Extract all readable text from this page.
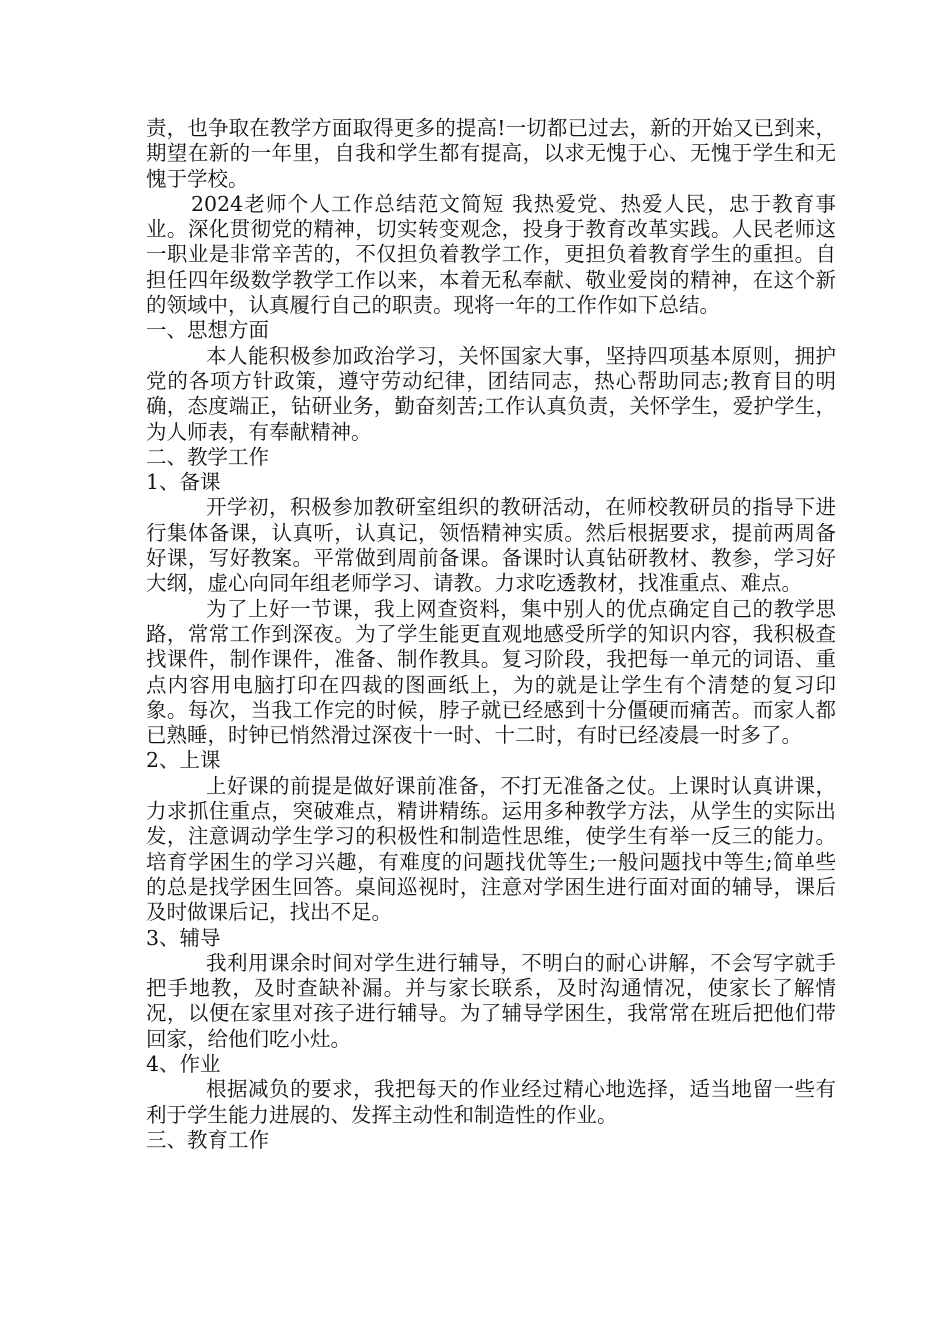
责，也争取在教学方面取得更多的提高!一切都已过去，新的开始又已到来，期望在新的一年里，自我和学生都有提高，以求无愧于心、无愧于学生和无愧于学校。

2024老师个人工作总结范文简短 我热爱党、热爱人民，忠于教育事业。深化贯彻党的精神，切实转变观念，投身于教育改革实践。人民老师这一职业是非常辛苦的，不仅担负着教学工作，更担负着教育学生的重担。自担任四年级数学教学工作以来，本着无私奉献、敬业爱岗的精神，在这个新的领域中，认真履行自己的职责。现将一年的工作作如下总结。

一、思想方面

本人能积极参加政治学习，关怀国家大事，坚持四项基本原则，拥护党的各项方针政策，遵守劳动纪律，团结同志，热心帮助同志;教育目的明确，态度端正，钻研业务，勤奋刻苦;工作认真负责，关怀学生，爱护学生，为人师表，有奉献精神。

二、教学工作

1、备课

开学初，积极参加教研室组织的教研活动，在师校教研员的指导下进行集体备课，认真听，认真记，领悟精神实质。然后根据要求，提前两周备好课，写好教案。平常做到周前备课。备课时认真钻研教材、教参，学习好大纲，虚心向同年组老师学习、请教。力求吃透教材，找准重点、难点。

为了上好一节课，我上网查资料，集中别人的优点确定自己的教学思路，常常工作到深夜。为了学生能更直观地感受所学的知识内容，我积极查找课件，制作课件，准备、制作教具。复习阶段，我把每一单元的词语、重点内容用电脑打印在四裁的图画纸上，为的就是让学生有个清楚的复习印象。每次，当我工作完的时候，脖子就已经感到十分僵硬而痛苦。而家人都已熟睡，时钟已悄然滑过深夜十一时、十二时，有时已经凌晨一时多了。

2、上课

上好课的前提是做好课前准备，不打无准备之仗。上课时认真讲课，力求抓住重点，突破难点，精讲精练。运用多种教学方法，从学生的实际出发，注意调动学生学习的积极性和制造性思维，使学生有举一反三的能力。培育学困生的学习兴趣，有难度的问题找优等生;一般问题找中等生;简单些的总是找学困生回答。桌间巡视时，注意对学困生进行面对面的辅导，课后及时做课后记，找出不足。

3、辅导

我利用课余时间对学生进行辅导，不明白的耐心讲解，不会写字就手把手地教，及时查缺补漏。并与家长联系，及时沟通情况，使家长了解情况，以便在家里对孩子进行辅导。为了辅导学困生，我常常在班后把他们带回家，给他们吃小灶。

4、作业

根据减负的要求，我把每天的作业经过精心地选择，适当地留一些有利于学生能力进展的、发挥主动性和制造性的作业。

三、教育工作
